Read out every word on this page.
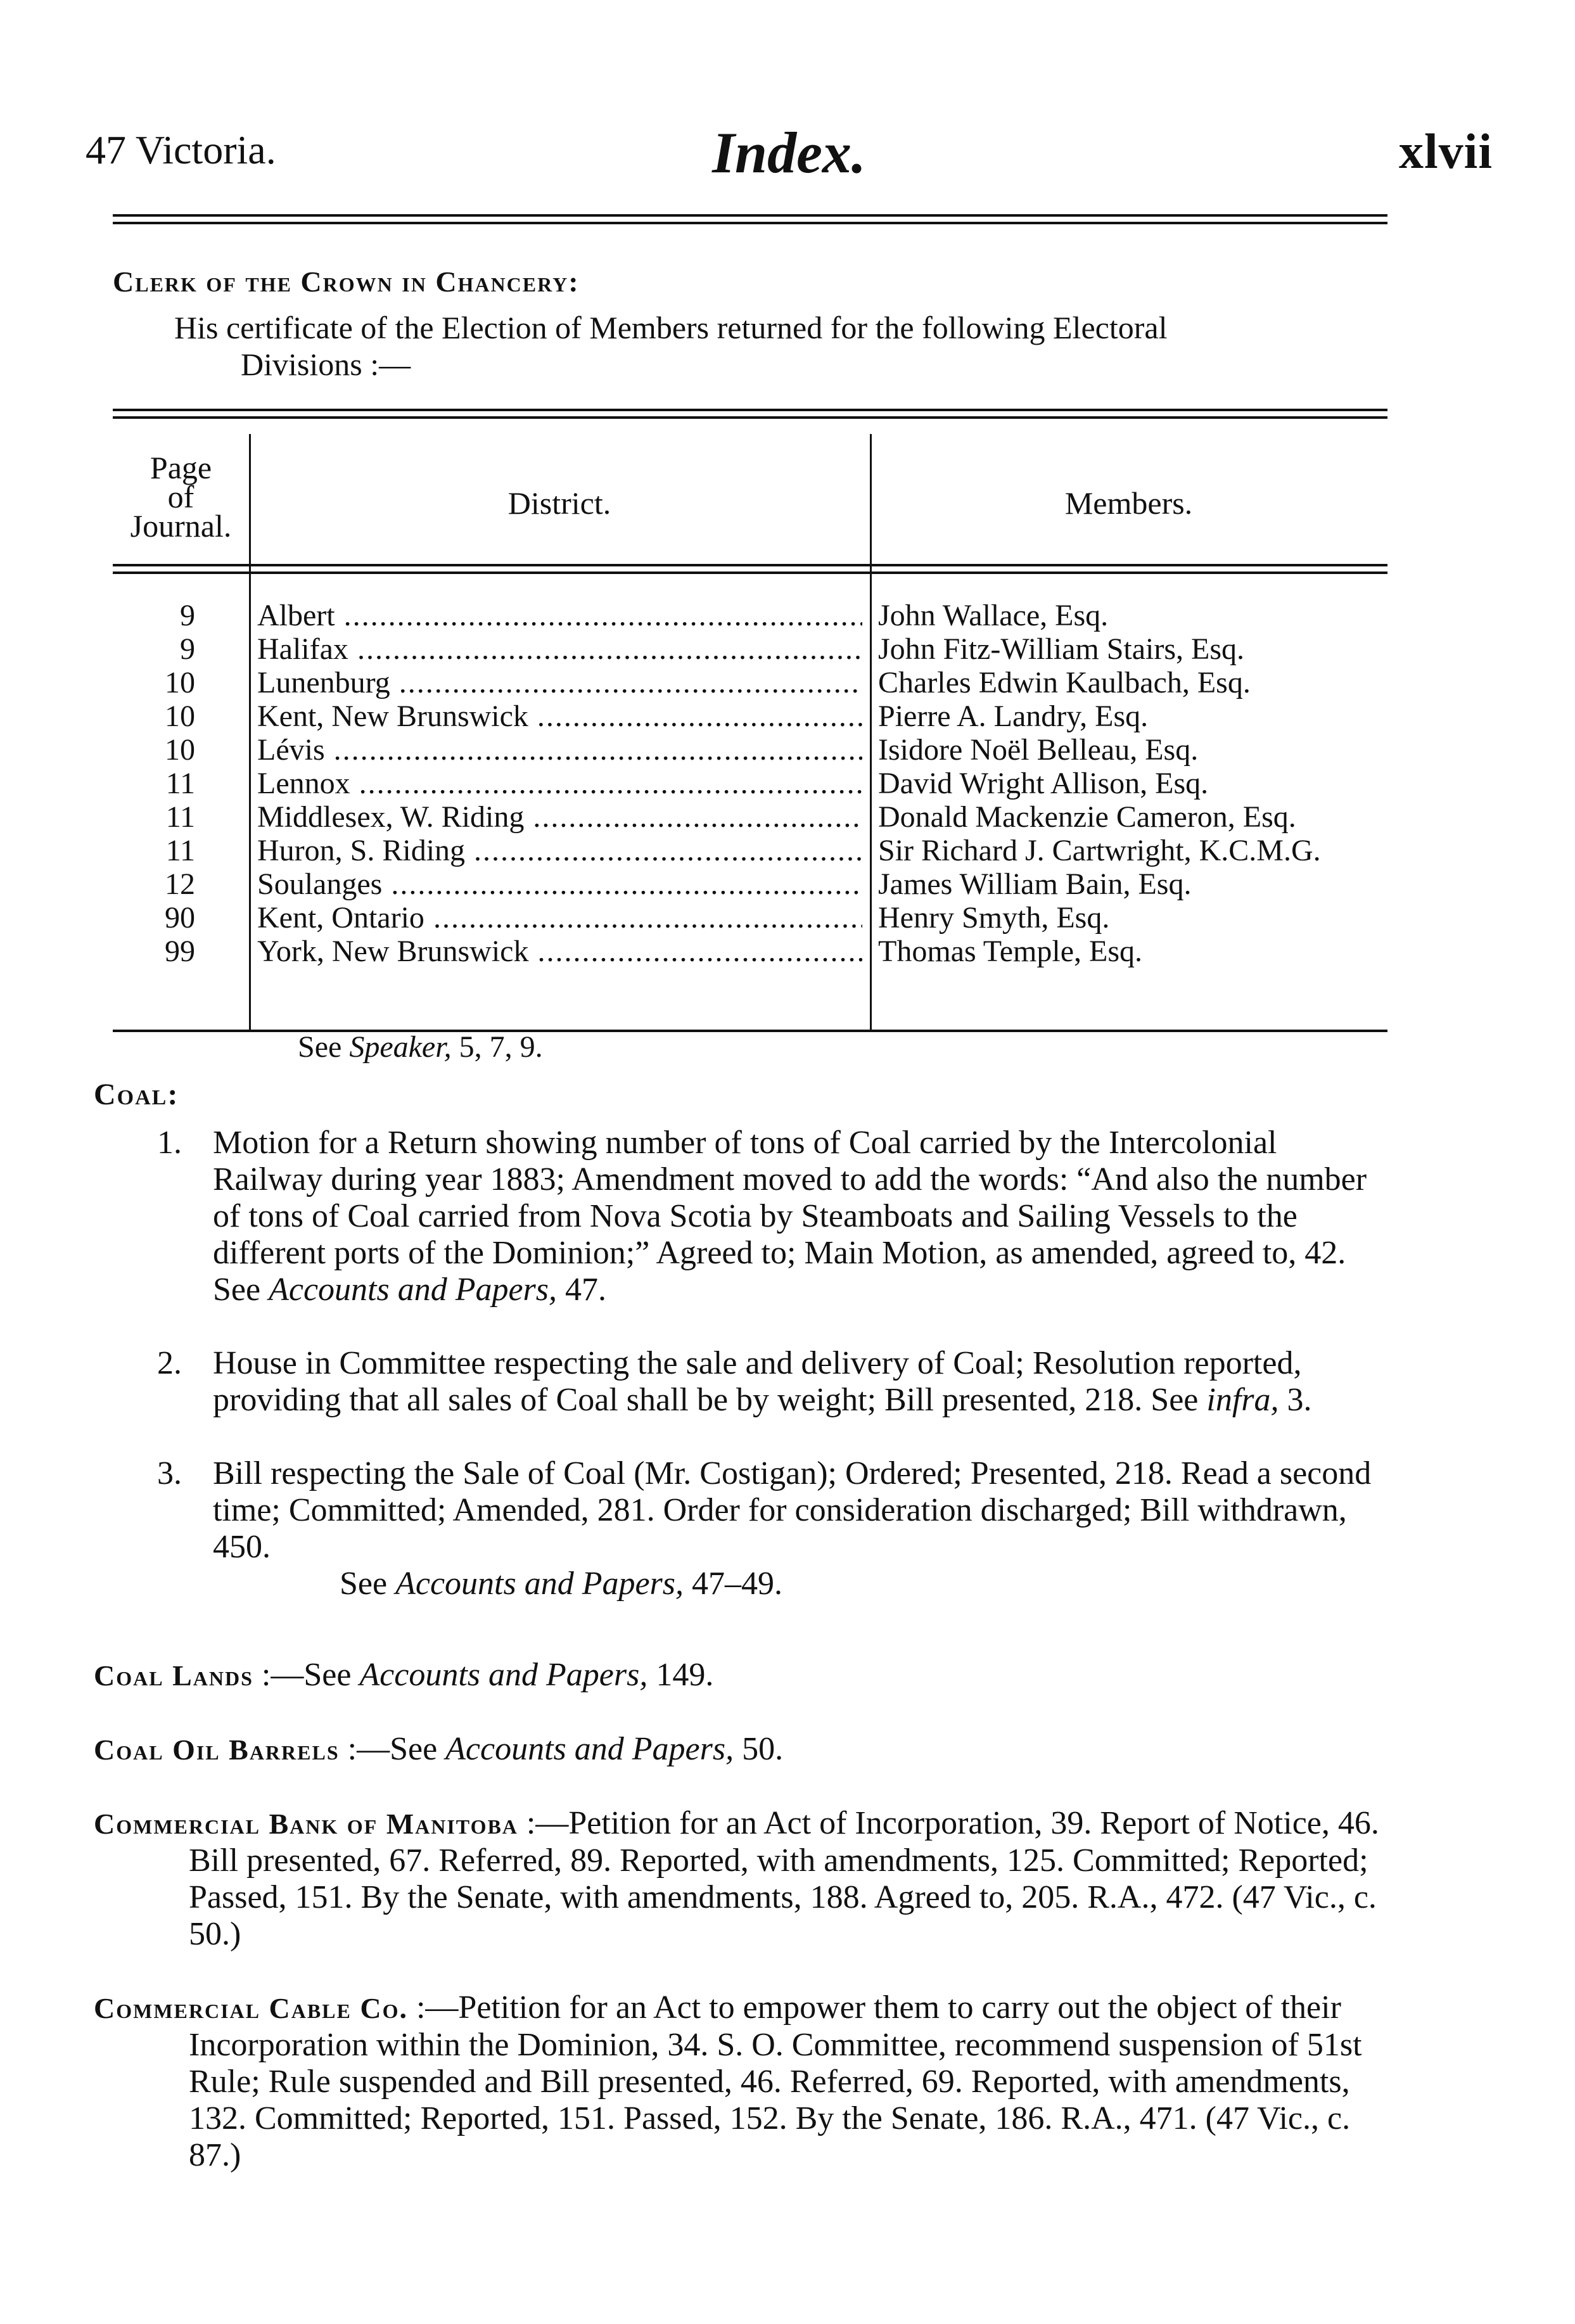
47 Victoria.	Index.	xlvii
Clerk of the Crown in Chancery:
His certificate of the Election of Members returned for the following Electoral
Divisions :—
Page
of
Journal.
District.	Members.
9 Albert .....	John Wallace, Esq.
9 Halifax .....	John Fitz-William Stairs, Esq.
10 Lunenburg .....	Charles Edwin Kaulbach, Esq.
10 Kent, New Brunswick .....	Pierre A. Landry, Esq.
10 Lévis .....	Isidore Noël Belleau, Esq.
11 Lennox .....	David Wright Allison, Esq.
11 Middlesex, W. Riding .....	Donald Mackenzie Cameron, Esq.
11 Huron, S. Riding .....	Sir Richard J. Cartwright, K.C.M.G.
12 Soulanges .....	James William Bain, Esq.
90 Kent, Ontario .....	Henry Smyth, Esq.
99 York, New Brunswick .....	Thomas Temple, Esq.
See Speaker, 5, 7, 9.
Coal:
1. Motion for a Return showing number of tons of Coal carried by the Intercolonial Railway during year 1883; Amendment moved to add the words: “And also the number of tons of Coal carried from Nova Scotia by Steamboats and Sailing Vessels to the different ports of the Dominion;” Agreed to; Main Motion, as amended, agreed to, 42. See Accounts and Papers, 47.
2. House in Committee respecting the sale and delivery of Coal; Resolution reported, providing that all sales of Coal shall be by weight; Bill presented, 218. See infra, 3.
3. Bill respecting the Sale of Coal (Mr. Costigan); Ordered; Presented, 218. Read a second time; Committed; Amended, 281. Order for consideration discharged; Bill withdrawn, 450.
See Accounts and Papers, 47–49.
Coal Lands :—See Accounts and Papers, 149.
Coal Oil Barrels :—See Accounts and Papers, 50.
Commercial Bank of Manitoba :—Petition for an Act of Incorporation, 39. Report of Notice, 46. Bill presented, 67. Referred, 89. Reported, with amendments, 125. Committed; Reported; Passed, 151. By the Senate, with amendments, 188. Agreed to, 205. R.A., 472. (47 Vic., c. 50.)
Commercial Cable Co. :—Petition for an Act to empower them to carry out the object of their Incorporation within the Dominion, 34. S. O. Committee, recommend suspension of 51st Rule; Rule suspended and Bill presented, 46. Referred, 69. Reported, with amendments, 132. Committed; Reported, 151. Passed, 152. By the Senate, 186. R.A., 471. (47 Vic., c. 87.)
